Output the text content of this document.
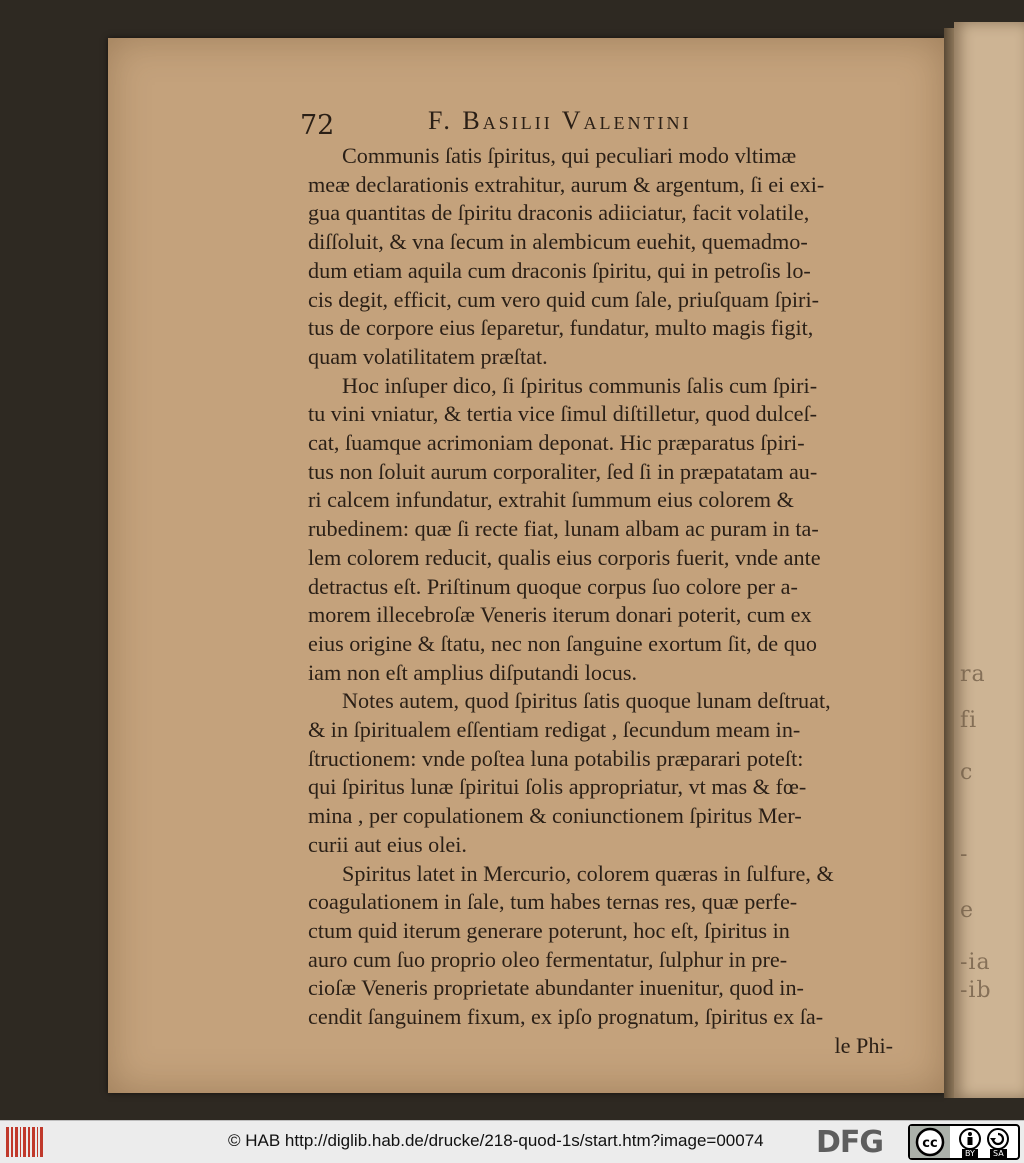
ra
fi
c
-
e
-ia
-ib
72	F. Basilii Valentini
Communis ſatis ſpiritus, qui peculiari modo vltimæ
meæ declarationis extrahitur, aurum & argentum, ſi ei exi-
gua quantitas de ſpiritu draconis adiiciatur, facit volatile,
diſſoluit, & vna ſecum in alembicum euehit, quemadmo-
dum etiam aquila cum draconis ſpiritu, qui in petroſis lo-
cis degit, efficit, cum vero quid cum ſale, priuſquam ſpiri-
tus de corpore eius ſeparetur, fundatur, multo magis figit,
quam volatilitatem præſtat.
Hoc inſuper dico, ſi ſpiritus communis ſalis cum ſpiri-
tu vini vniatur, & tertia vice ſimul diſtilletur, quod dulceſ-
cat, ſuamque acrimoniam deponat. Hic præparatus ſpiri-
tus non ſoluit aurum corporaliter, ſed ſi in præpatatam au-
ri calcem infundatur, extrahit ſummum eius colorem &
rubedinem: quæ ſi recte fiat, lunam albam ac puram in ta-
lem colorem reducit, qualis eius corporis fuerit, vnde ante
detractus eſt. Priſtinum quoque corpus ſuo colore per a-
morem illecebroſæ Veneris iterum donari poterit, cum ex
eius origine & ſtatu, nec non ſanguine exortum ſit, de quo
iam non eſt amplius diſputandi locus.
Notes autem, quod ſpiritus ſatis quoque lunam deſtruat,
& in ſpiritualem eſſentiam redigat , ſecundum meam in-
ſtructionem: vnde poſtea luna potabilis præparari poteſt:
qui ſpiritus lunæ ſpiritui ſolis appropriatur, vt mas & fœ-
mina , per copulationem & coniunctionem ſpiritus Mer-
curii aut eius olei.
Spiritus latet in Mercurio, colorem quæras in ſulfure, &
coagulationem in ſale, tum habes ternas res, quæ perfe-
ctum quid iterum generare poterunt, hoc eſt, ſpiritus in
auro cum ſuo proprio oleo fermentatur, ſulphur in pre-
cioſæ Veneris proprietate abundanter inuenitur, quod in-
cendit ſanguinem fixum, ex ipſo prognatum, ſpiritus ex ſa-
le Phi-
© HAB http://diglib.hab.de/drucke/218-quod-1s/start.htm?image=00074 DFG	cc
BY	SA
